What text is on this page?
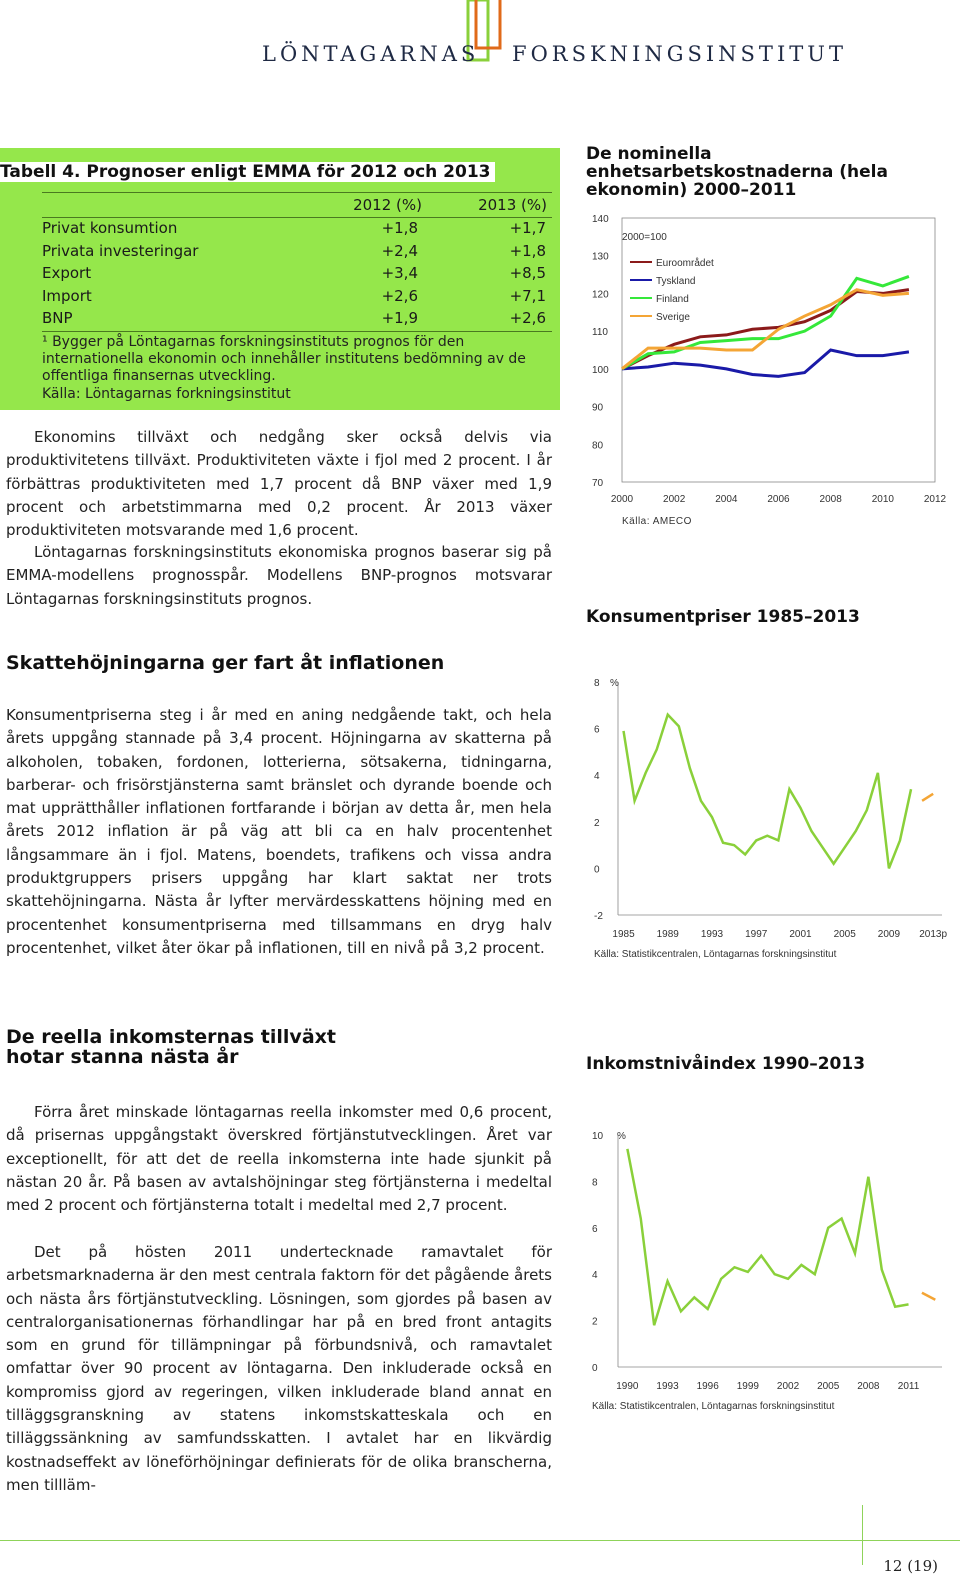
LÖNTAGARNAS FORSKNINGSINSTITUT
Tabell 4. Prognoser enligt EMMA för 2012 och 2013
2012 (%)	2013 (%)
Privat konsumtion	+1,8	+1,7
Privata investeringar	+2,4	+1,8
Export	+3,4	+8,5
Import	+2,6	+7,1
BNP	+1,9	+2,6
¹ Bygger på Löntagarnas forskningsinstituts prognos för den internationella ekonomin och innehåller institutens bedömning av de offentliga finansernas utveckling.
Källa: Löntagarnas forkningsinstitut

Ekonomins tillväxt och nedgång sker också delvis via produktivitetens tillväxt. Produktiviteten växte i fjol med 2 procent. I år förbättras produktiviteten med 1,7 procent då BNP växer med 1,9 procent och arbetstimmarna med 0,2 procent. År 2013 växer produktiviteten motsvarande med 1,6 procent.

Löntagarnas forskningsinstituts ekonomiska prognos baserar sig på EMMA-modellens prognosspår. Modellens BNP-prognos motsvarar Löntagarnas forskningsinstituts prognos.

Skattehöjningarna ger fart åt inflationen

Konsumentpriserna steg i år med en aning nedgående takt, och hela årets uppgång stannade på 3,4 procent. Höjningarna av skatterna på alkoholen, tobaken, fordonen, lotterierna, sötsakerna, tidningarna, barberar- och frisörstjänsterna samt bränslet och dyrande boende och mat upprätthåller inflationen fortfarande i början av detta år, men hela årets 2012 inflation är på väg att bli ca en halv procentenhet långsammare än i fjol. Matens, boendets, trafikens och vissa andra produktgruppers prisers uppgång har klart saktat ner trots skattehöjningarna. Nästa år lyfter mervärdesskattens höjning med en procentenhet konsumentpriserna med tillsammans en dryg halv procentenhet, vilket åter ökar på inflationen, till en nivå på 3,2 procent.

De reella inkomsternas tillväxt
hotar stanna nästa år

Förra året minskade löntagarnas reella inkomster med 0,6 procent, då prisernas uppgångstakt överskred förtjänstutvecklingen. Året var exceptionellt, för att det de reella inkomsterna inte hade sjunkit på nästan 20 år. På basen av avtalshöjningar steg förtjänsterna i medeltal med 2 procent och förtjänsterna totalt i medeltal med 2,7 procent.

Det på hösten 2011 undertecknade ramavtalet för arbetsmarknaderna är den mest centrala faktorn för det pågående årets och nästa års förtjänstutveckling. Lösningen, som gjordes på basen av centralorganisationernas förhandlingar har på en bred front antagits som en grund för tillämpningar på förbundsnivå, och ramavtalet omfattar över 90 procent av löntagarna. Den inkluderade också en kompromiss gjord av regeringen, vilken inkluderade bland annat en tilläggsgranskning av statens inkomstskatteskala och en tilläggssänkning av samfundsskatten. I avtalet har en likvärdig kostnadseffekt av löneförhöjningar definierats för de olika branscherna, men tillläm-

De nominella enhetsarbetskostnaderna (hela ekonomin) 2000–2011
140
130
120
110
100
90
80
70
2000	2002	2004	2006	2008	2010	2012
Källa: AMECO
2000=100
Euroområdet
Tyskland
Finland
Sverige
Konsumentpriser 1985–2013
%
8
6
4
2
0
-2
1985 1989 1993 1997 2001 2005 2009 2013p
Källa: Statistikcentralen, Löntagarnas forskningsinstitut
Inkomstnivåindex 1990–2013
%
10
8
6
4
2
0
1990 1993 1996 1999 2002 2005 2008 2011
Källa: Statistikcentralen, Löntagarnas forskningsinstitut
12 (19)
